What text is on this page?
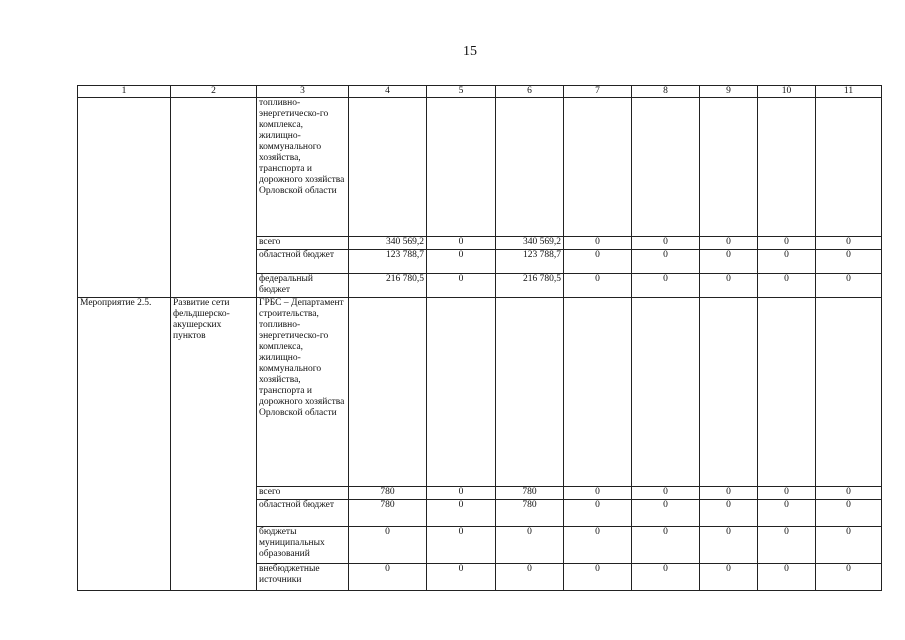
15
1	2	3	4	5	6	7	8	9	10	11
		топливно-энергетическо-го комплекса, жилищно-коммунального хозяйства, транспорта и дорожного хозяйства Орловской области								
		всего	340 569,2	0	340 569,2	0	0	0	0	0
		областной бюджет	123 788,7	0	123 788,7	0	0	0	0	0
		федеральный бюджет	216 780,5	0	216 780,5	0	0	0	0	0
Мероприятие 2.5.	Развитие сети фельдшерско-акушерских пунктов	ГРБС – Департамент строительства, топливно-энергетическо-го комплекса, жилищно-коммунального хозяйства, транспорта и дорожного хозяйства Орловской области								
		всего	780	0	780	0	0	0	0	0
		областной бюджет	780	0	780	0	0	0	0	0
		бюджеты муниципальных образований	0	0	0	0	0	0	0	0
		внебюджетные источники	0	0	0	0	0	0	0	0
